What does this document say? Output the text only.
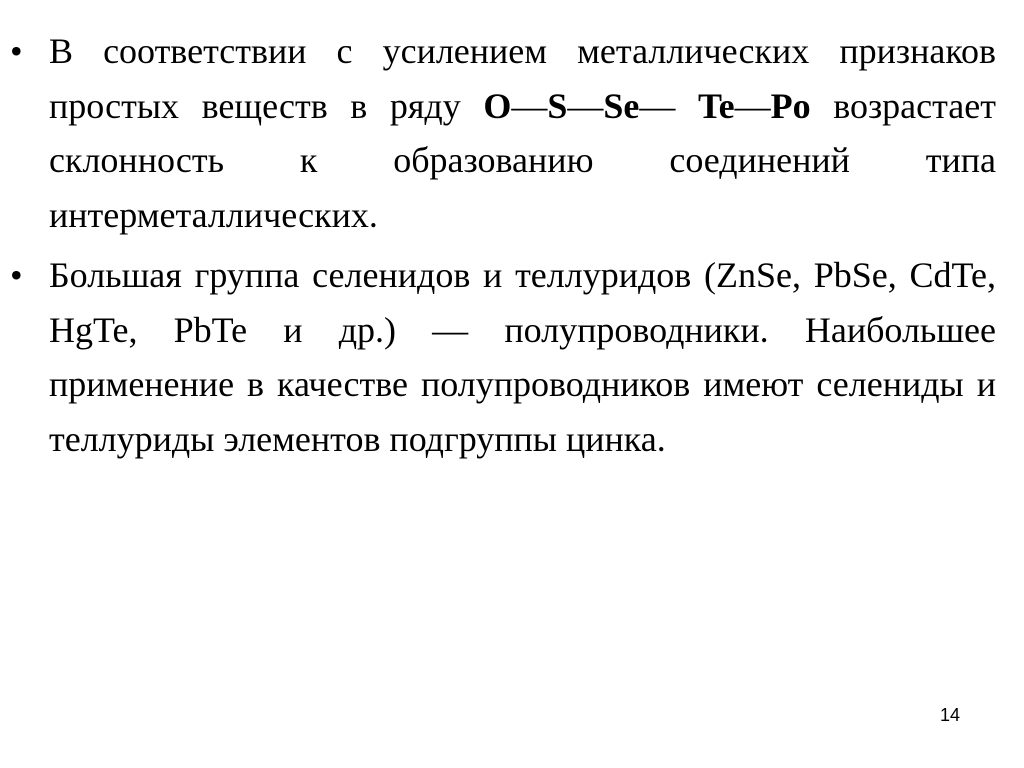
• В соответствии с усилением металлических признаков простых веществ в ряду O—S—Se— Te—Po возрастает склонность к образованию соединений типа интерметаллических.
• Большая группа селенидов и теллуридов (ZnSe, PbSe, CdTe, HgTe, PbTe и др.) — полупроводники. Наибольшее применение в качестве полупроводников имеют селениды и теллуриды элементов подгруппы цинка.
14
